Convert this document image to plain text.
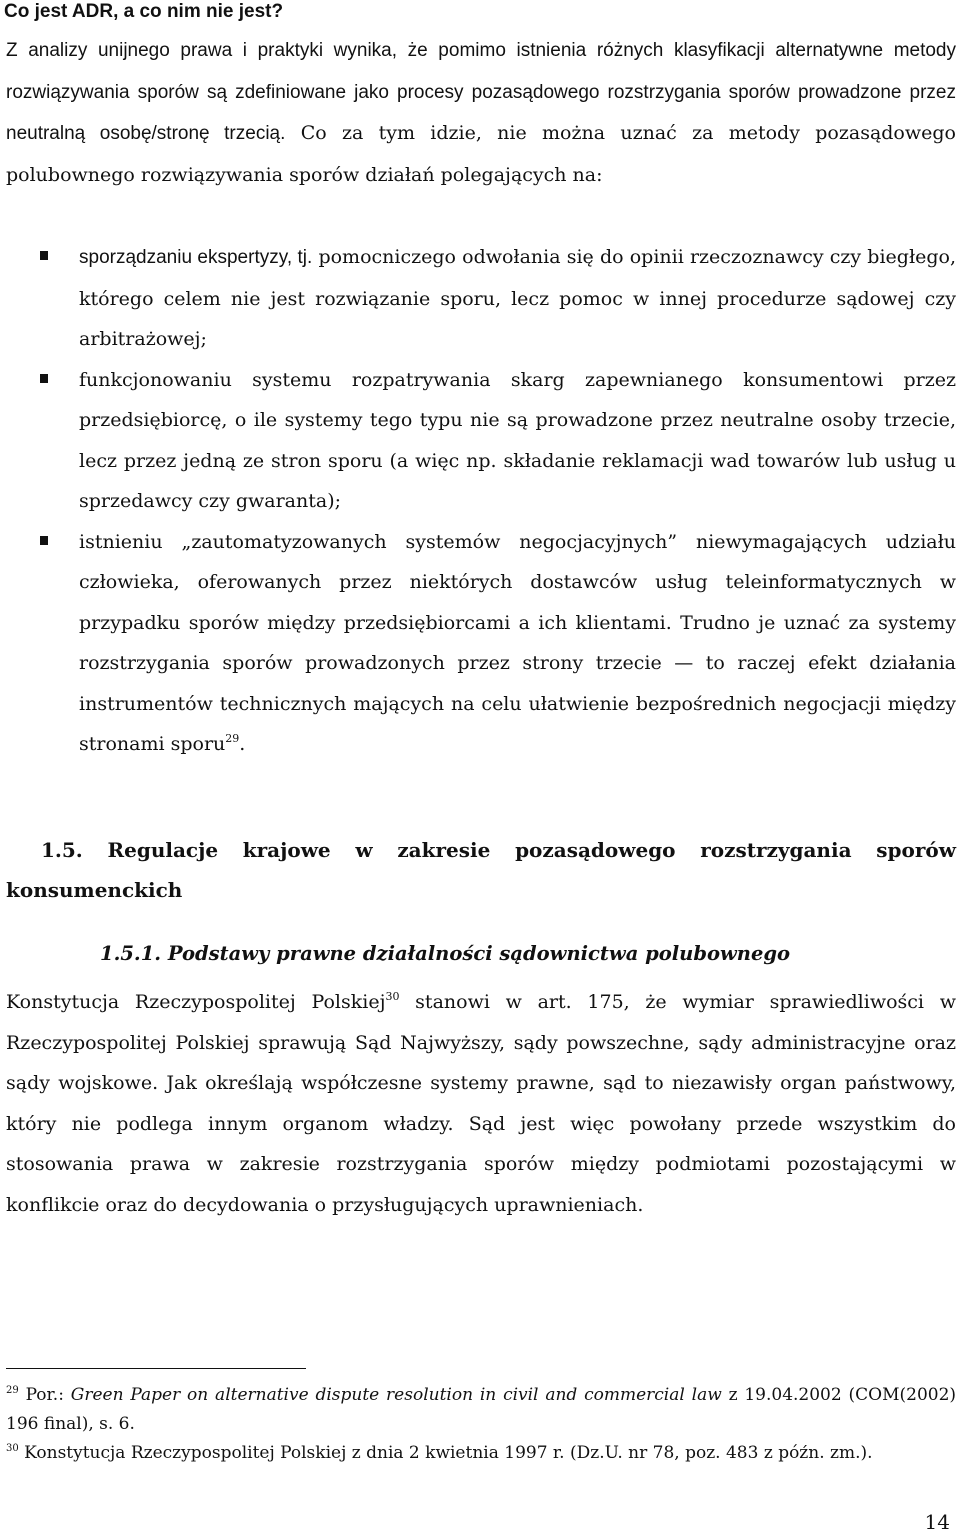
Co jest ADR, a co nim nie jest?
Z analizy unijnego prawa i praktyki wynika, że pomimo istnienia różnych klasyfikacji alternatywne metody rozwiązywania sporów są zdefiniowane jako procesy pozasądowego rozstrzygania sporów prowadzone przez neutralną osobę/stronę trzecią. Co za tym idzie, nie można uznać za metody pozasądowego polubownego rozwiązywania sporów działań polegających na:
sporządzaniu ekspertyzy, tj. pomocniczego odwołania się do opinii rzeczoznawcy czy biegłego, którego celem nie jest rozwiązanie sporu, lecz pomoc w innej procedurze sądowej czy arbitrażowej;
funkcjonowaniu systemu rozpatrywania skarg zapewnianego konsumentowi przez przedsiębiorcę, o ile systemy tego typu nie są prowadzone przez neutralne osoby trzecie, lecz przez jedną ze stron sporu (a więc np. składanie reklamacji wad towarów lub usług u sprzedawcy czy gwaranta);
istnieniu „zautomatyzowanych systemów negocjacyjnych” niewymagających udziału człowieka, oferowanych przez niektórych dostawców usług teleinformatycznych w przypadku sporów między przedsiębiorcami a ich klientami. Trudno je uznać za systemy rozstrzygania sporów prowadzonych przez strony trzecie — to raczej efekt działania instrumentów technicznych mających na celu ułatwienie bezpośrednich negocjacji między stronami sporu$^{29}$.
1.5. Regulacje krajowe w zakresie pozasądowego rozstrzygania sporów
konsumenckich
1.5.1. Podstawy prawne działalności sądownictwa polubownego
Konstytucja Rzeczypospolitej Polskiej$^{30}$ stanowi w art. 175, że wymiar sprawiedliwości w Rzeczypospolitej Polskiej sprawują Sąd Najwyższy, sądy powszechne, sądy administracyjne oraz sądy wojskowe. Jak określają współczesne systemy prawne, sąd to niezawisły organ państwowy, który nie podlega innym organom władzy. Sąd jest więc powołany przede wszystkim do stosowania prawa w zakresie rozstrzygania sporów między podmiotami pozostającymi w konflikcie oraz do decydowania o przysługujących uprawnieniach.
$^{29}$ Por.: Green Paper on alternative dispute resolution in civil and commercial law z 19.04.2002 (COM(2002) 196 final), s. 6.
$^{30}$ Konstytucja Rzeczypospolitej Polskiej z dnia 2 kwietnia 1997 r. (Dz.U. nr 78, poz. 483 z późn. zm.).
14
